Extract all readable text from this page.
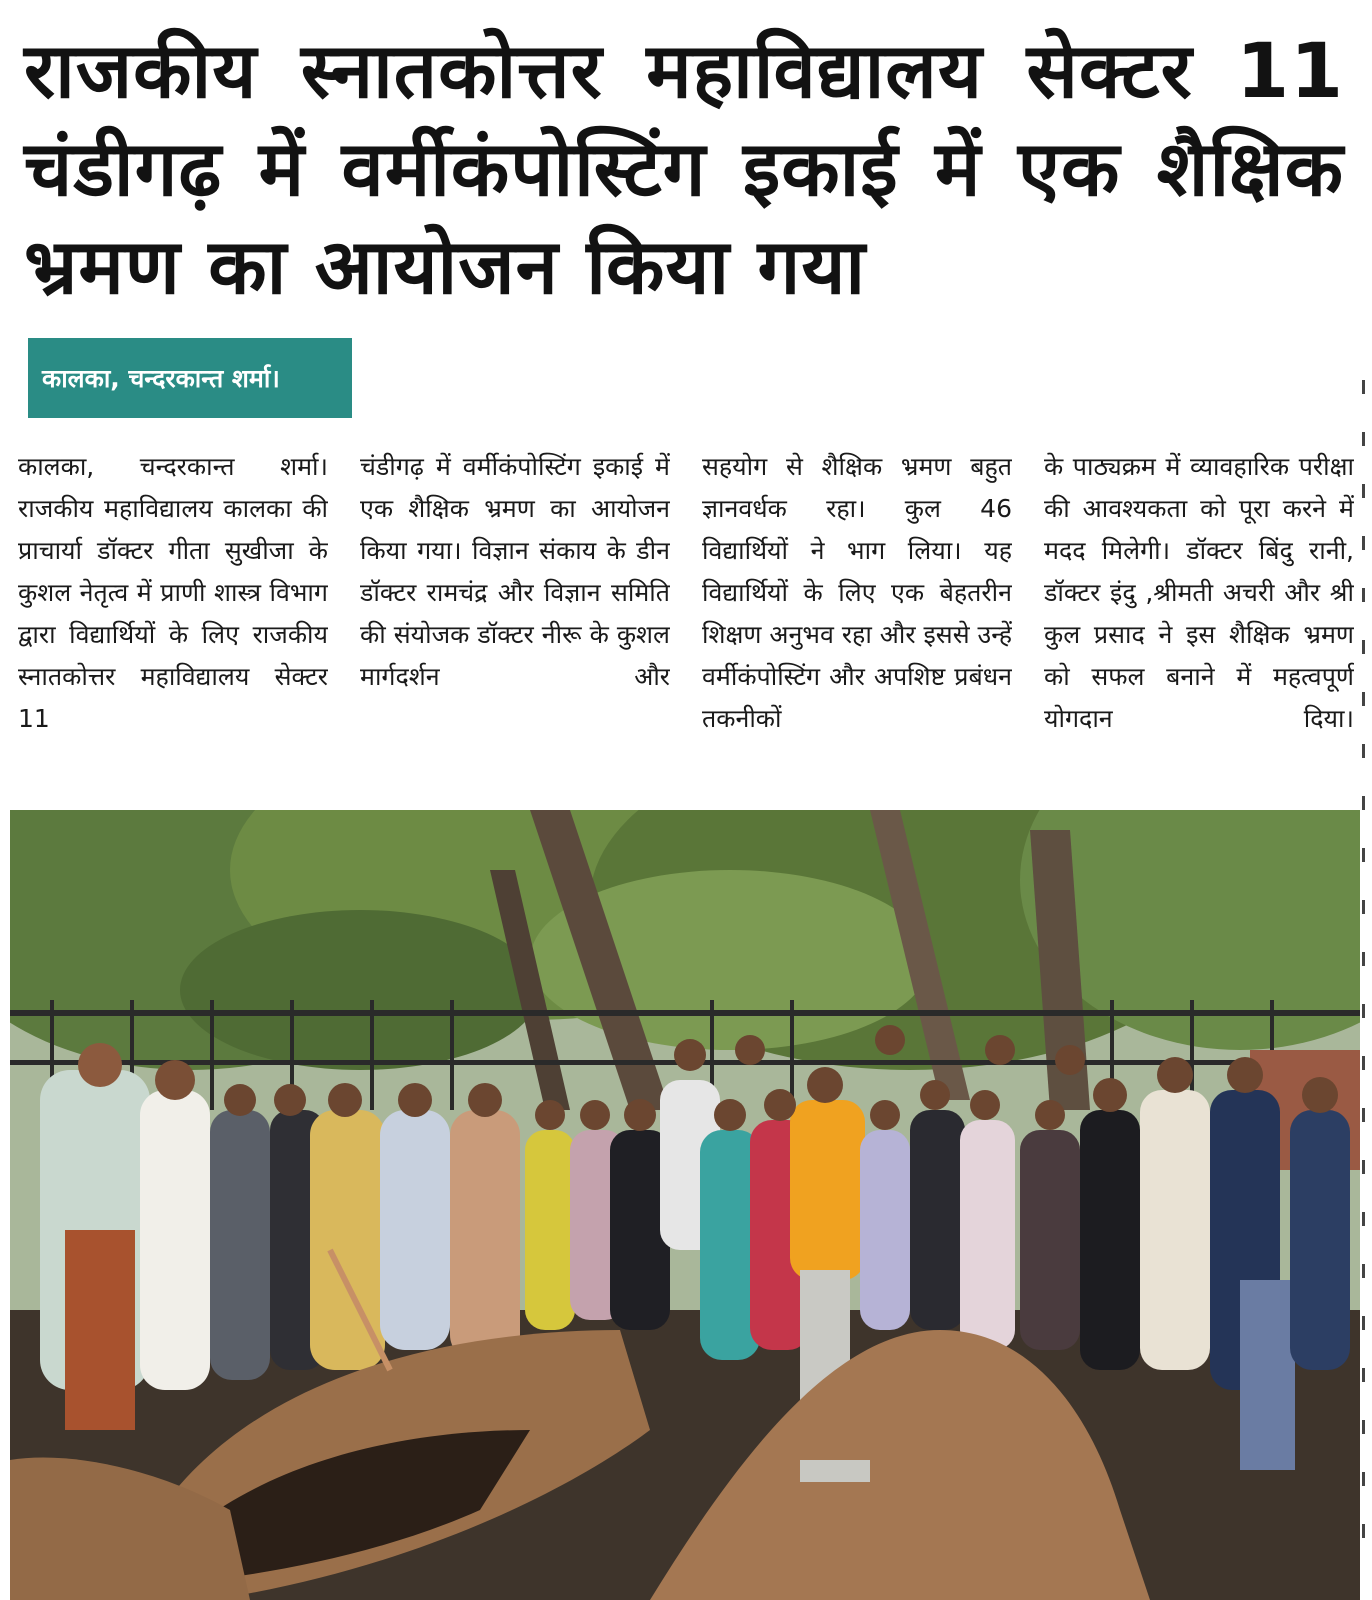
राजकीय स्नातकोत्तर महाविद्यालय सेक्टर 11 चंडीगढ़ में वर्मीकंपोस्टिंग इकाई में एक शैक्षिक भ्रमण का आयोजन किया गया
कालका, चन्दरकान्त शर्मा।
कालका, चन्दरकान्त शर्मा। राजकीय महाविद्यालय कालका की प्राचार्या डॉक्टर गीता सुखीजा के कुशल नेतृत्व में प्राणी शास्त्र विभाग द्वारा विद्यार्थियों के लिए राजकीय स्नातकोत्तर महाविद्यालय सेक्टर 11
चंडीगढ़ में वर्मीकंपोस्टिंग इकाई में एक शैक्षिक भ्रमण का आयोजन किया गया। विज्ञान संकाय के डीन डॉक्टर रामचंद्र और विज्ञान समिति की संयोजक डॉक्टर नीरू के कुशल मार्गदर्शन और
सहयोग से शैक्षिक भ्रमण बहुत ज्ञानवर्धक रहा। कुल 46 विद्यार्थियों ने भाग लिया। यह विद्यार्थियों के लिए एक बेहतरीन शिक्षण अनुभव रहा और इससे उन्हें वर्मीकंपोस्टिंग और अपशिष्ट प्रबंधन तकनीकों
के पाठ्यक्रम में व्यावहारिक परीक्षा की आवश्यकता को पूरा करने में मदद मिलेगी। डॉक्टर बिंदु रानी, डॉक्टर इंदु ,श्रीमती अचरी और श्री कुल प्रसाद ने इस शैक्षिक भ्रमण को सफल बनाने में महत्वपूर्ण योगदान दिया।
